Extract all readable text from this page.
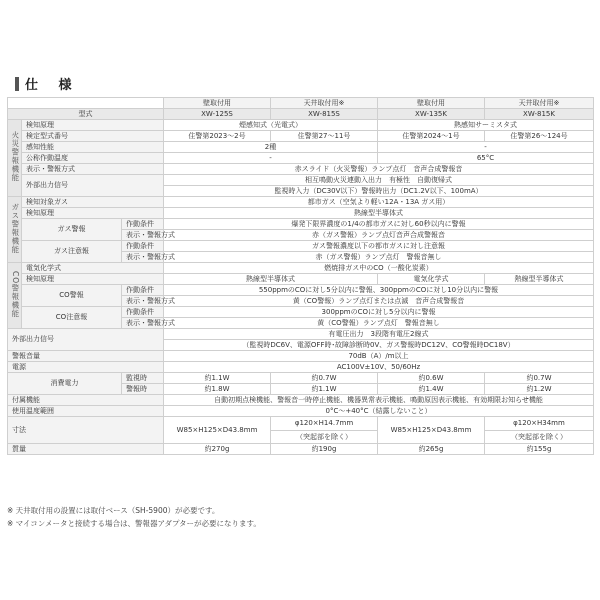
仕 様
			壁取付用	天井取付用※	壁取付用	天井取付用※
型式			XW-125S	XW-815S	XW-135K	XW-815K
火災警報機能	検知原理		煙感知式（光電式）		熱感知サーミスタ式	
	検定型式番号		住警第2023～2号	住警第27～11号	住警第2024～1号	住警第26～124号
	感知性能		2種		-	
	公称作動温度		-		65°C	
	表示・警報方式		赤スライド（火災警報）ランプ点灯　音声合成警報音			
	外部出力信号		相互鳴動火災連動入出力　有極性　自動復帰式			
			監視時入力（DC30V以下）警報時出力（DC1.2V以下、100mA）			
ガス警報機能	検知対象ガス		都市ガス（空気より軽い12A・13A ガス用）			
	検知原理		熱線型半導体式			
	ガス警報	作動条件	爆発下限界濃度の1/4の都市ガスに対し60秒以内に警報			
		表示・警報方式	赤（ガス警報）ランプ点灯音声合成警報音			
	ガス注意報	作動条件	ガス警報濃度以下の都市ガスに対し注意報			
		表示・警報方式	赤（ガス警報）ランプ点灯　警報音無し			
CO警報機能	電気化学式		燃焼排ガス中のCO（一酸化炭素）			
	検知原理		熱線型半導体式		電気化学式	熱線型半導体式
	CO警報	作動条件	550ppmのCOに対し5分以内に警報、300ppmのCOに対し10分以内に警報			
		表示・警報方式	黄（CO警報）ランプ点灯または点滅　音声合成警報音			
	CO注意報	作動条件	300ppmのCOに対し5分以内に警報			
		表示・警報方式	黄（CO警報）ランプ点灯　警報音無し			
外部出力信号			有電圧出力　3段階有電圧2線式			
			（監視時DC6V、電源OFF時･故障診断時0V、ガス警報時DC12V、CO警報時DC18V）			
警報音量			70dB（A）/m以上			
電源			AC100V±10V、50/60Hz			
消費電力		監視時	約1.1W	約0.7W	約0.6W	約0.7W
		警報時	約1.8W	約1.1W	約1.4W	約1.2W
付属機能			自動初期点検機能、警報音一時停止機能、機器異常表示機能、鳴動原因表示機能、有効期限お知らせ機能			
使用温度範囲			0°C～+40°C（結露しないこと）			
寸法			W85×H125×D43.8mm	φ120×H14.7mm	W85×H125×D43.8mm	φ120×H34mm
				（突起部を除く）		（突起部を除く）
質量			約270g	約190g	約265g	約155g
※ 天井取付用の設置には取付ベース（SH-5900）が必要です。
※ マイコンメータと接続する場合は、警報器アダプターが必要になります。
